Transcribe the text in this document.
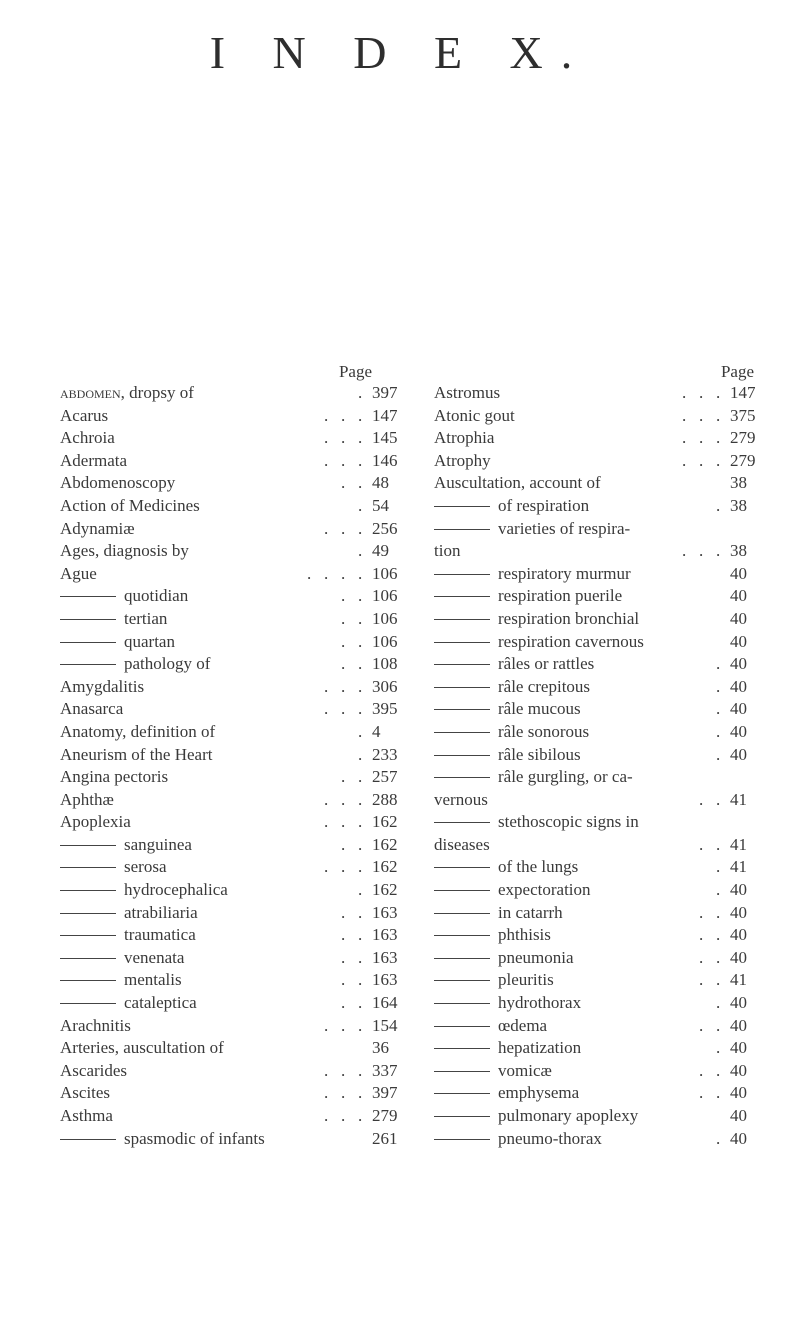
I N D E X.
Page
abdomen, dropsy of	. 397
Acarus	.   .   . 147
Achroia	.   .   . 145
Adermata	.   .   . 146
Abdomenoscopy	.   . 48
Action of Medicines	. 54
Adynamiæ	.   .   . 256
Ages, diagnosis by	. 49
Ague	.   .   .   . 106
quotidian	.   . 106
tertian	.   . 106
quartan	.   . 106
pathology of	.   . 108
Amygdalitis	.   .   . 306
Anasarca	.   .   . 395
Anatomy, definition of	. 4
Aneurism of the Heart	. 233
Angina pectoris	.   . 257
Aphthæ	.   .   . 288
Apoplexia	.   .   . 162
sanguinea	.   . 162
serosa	.   .   . 162
hydrocephalica	. 162
atrabiliaria	.   . 163
traumatica	.   . 163
venenata	.   . 163
mentalis	.   . 163
cataleptica	.   . 164
Arachnitis	.   .   . 154
Arteries, auscultation of	36
Ascarides	.   .   . 337
Ascites	.   .   . 397
Asthma	.   .   . 279
spasmodic of infants	261
Page
Astromus	.   .   . 147
Atonic gout	.   .   . 375
Atrophia	.   .   . 279
Atrophy	.   .   . 279
Auscultation, account of	38
of respiration	. 38
varieties of respira-
tion	.   .   . 38
respiratory murmur	40
respiration puerile	40
respiration bronchial	40
respiration cavernous	40
râles or rattles	. 40
râle crepitous	. 40
râle mucous	. 40
râle sonorous	. 40
râle sibilous	. 40
râle gurgling, or ca-
vernous	.   . 41
stethoscopic signs in
diseases	.   . 41
of the lungs	. 41
expectoration	. 40
in catarrh	.   . 40
phthisis	.   . 40
pneumonia	.   . 40
pleuritis	.   . 41
hydrothorax	. 40
œdema	.   . 40
hepatization	. 40
vomicæ	.   . 40
emphysema	.   . 40
pulmonary apoplexy	40
pneumo-thorax	. 40
